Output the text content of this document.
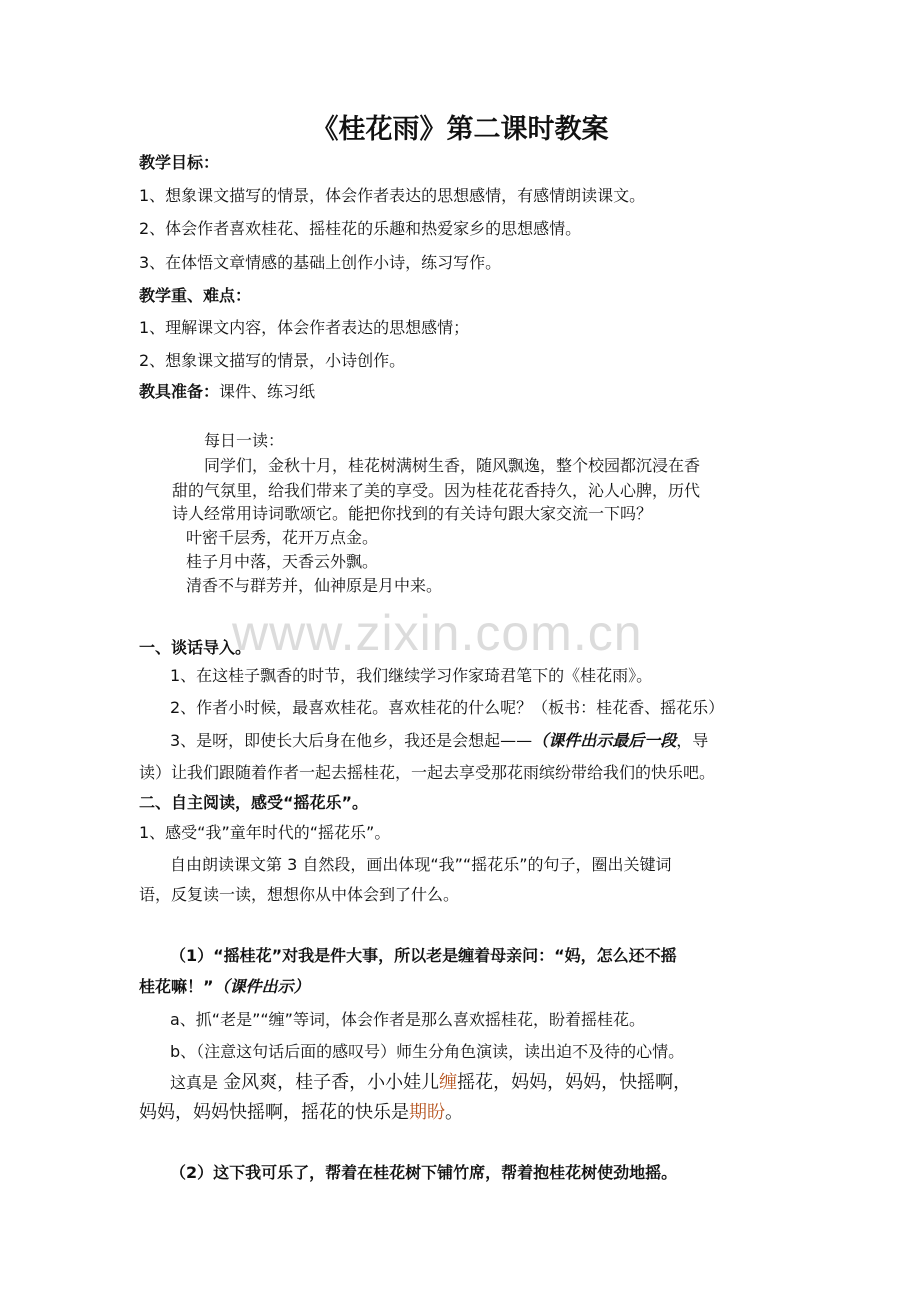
www.zixin.com.cn
《桂花雨》第二课时教案
教学目标：
1、想象课文描写的情景，体会作者表达的思想感情，有感情朗读课文。
2、体会作者喜欢桂花、摇桂花的乐趣和热爱家乡的思想感情。
3、在体悟文章情感的基础上创作小诗，练习写作。
教学重、难点：
1、理解课文内容，体会作者表达的思想感情；
2、想象课文描写的情景，小诗创作。
教具准备：课件、练习纸
每日一读：
同学们，金秋十月，桂花树满树生香，随风飘逸，整个校园都沉浸在香
甜的气氛里，给我们带来了美的享受。因为桂花花香持久，沁人心脾，历代
诗人经常用诗词歌颂它。能把你找到的有关诗句跟大家交流一下吗？
叶密千层秀，花开万点金。
桂子月中落，天香云外飘。
清香不与群芳并，仙神原是月中来。
一、谈话导入。
1、在这桂子飘香的时节，我们继续学习作家琦君笔下的《桂花雨》。
2、作者小时候，最喜欢桂花。喜欢桂花的什么呢？（板书：桂花香、摇花乐）
3、是呀，即使长大后身在他乡，我还是会想起——（课件出示最后一段，导
读）让我们跟随着作者一起去摇桂花，一起去享受那花雨缤纷带给我们的快乐吧。
二、自主阅读，感受“摇花乐”。
1、感受“我”童年时代的“摇花乐”。
自由朗读课文第 3 自然段，画出体现“我”“摇花乐”的句子，圈出关键词
语，反复读一读，想想你从中体会到了什么。
（1）“摇桂花”对我是件大事，所以老是缠着母亲问：“妈，怎么还不摇
桂花嘛！”（课件出示）
a、抓“老是”“缠”等词，体会作者是那么喜欢摇桂花，盼着摇桂花。
b、（注意这句话后面的感叹号）师生分角色演读，读出迫不及待的心情。
这真是 金风爽，桂子香，小小娃儿缠摇花，妈妈，妈妈，快摇啊，
妈妈，妈妈快摇啊，摇花的快乐是期盼。
（2）这下我可乐了，帮着在桂花树下铺竹席，帮着抱桂花树使劲地摇。
